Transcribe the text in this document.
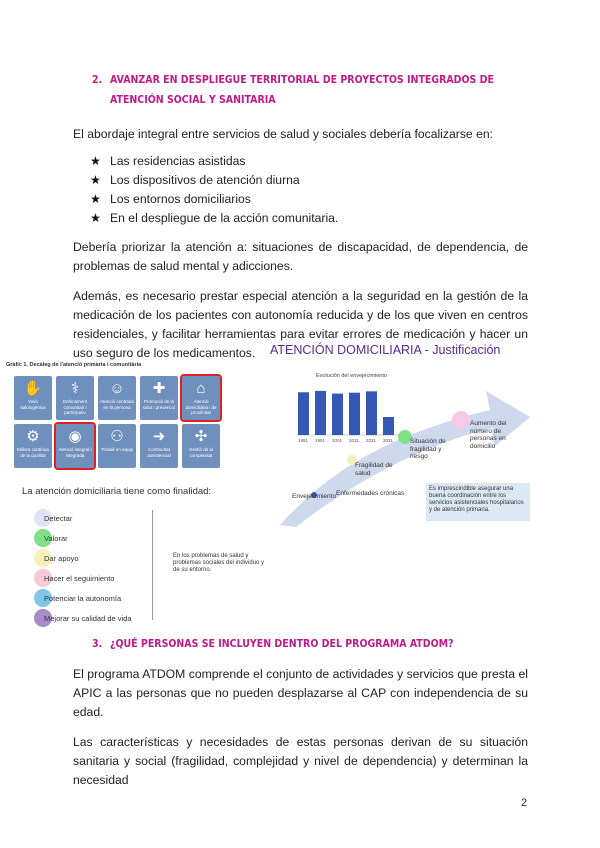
2. AVANZAR EN DESPLIEGUE TERRITORIAL DE PROYECTOS INTEGRADOS DE ATENCIÓN SOCIAL Y SANITARIA

El abordaje integral entre servicios de salud y sociales debería focalizarse en:

★ Las residencias asistidas
★ Los dispositivos de atención diurna
★ Los entornos domiciliarios
★ En el despliegue de la acción comunitaria.

Debería priorizar la atención a: situaciones de discapacidad, de dependencia, de problemas de salud mental y adicciones.

Además, es necesario prestar especial atención a la seguridad en la gestión de la medicación de los pacientes con autonomía reducida y de los que viven en centros residenciales, y facilitar herramientas para evitar errores de medicación y hacer un uso seguro de los medicamentos.	ATENCIÓN DOMICILIARIA - Justificación
Gràfic 1. Decàleg de l'atenció primària i comunitària
✋
Visió salutogènica
⚕
Enfocament comunitari i participatiu
☺
Atenció centrada en la persona
✚
Promoció de la salut i prevenció
⌂
Atenció domiciliària i de proximitat
⚙
Millora contínua de la qualitat
◉
Atenció integral i integrada
⚇
Treball en equip
➜
Continuïtat assistencial
✣
Gestió de la complexitat
La atención domiciliaria tiene como finalidad:
Detectar
Valorar
Dar apoyo
Hacer el seguimiento
Potenciar la autonomía
Mejorar su calidad de vida
En los problemas de salud y problemas sociales del individuo y de su entorno.
Evolución del envejecimiento
1981 1991 2001 2011 2021 2031
Envejecimiento Enfermedades crónicas
Fragilidad de salud
Situación de fragilidad y riesgo
Aumento del número de personas en domicilio
Es imprescindible asegurar una buena coordinación entre los servicios asistenciales hospitalarios y de atención primaria.
3. ¿QUÉ PERSONAS SE INCLUYEN DENTRO DEL PROGRAMA ATDOM?

El programa ATDOM comprende el conjunto de actividades y servicios que presta el APIC a las personas que no pueden desplazarse al CAP con independencia de su edad.

Las características y necesidades de estas personas derivan de su situación sanitaria y social (fragilidad, complejidad y nivel de dependencia) y determinan la necesidad

2
